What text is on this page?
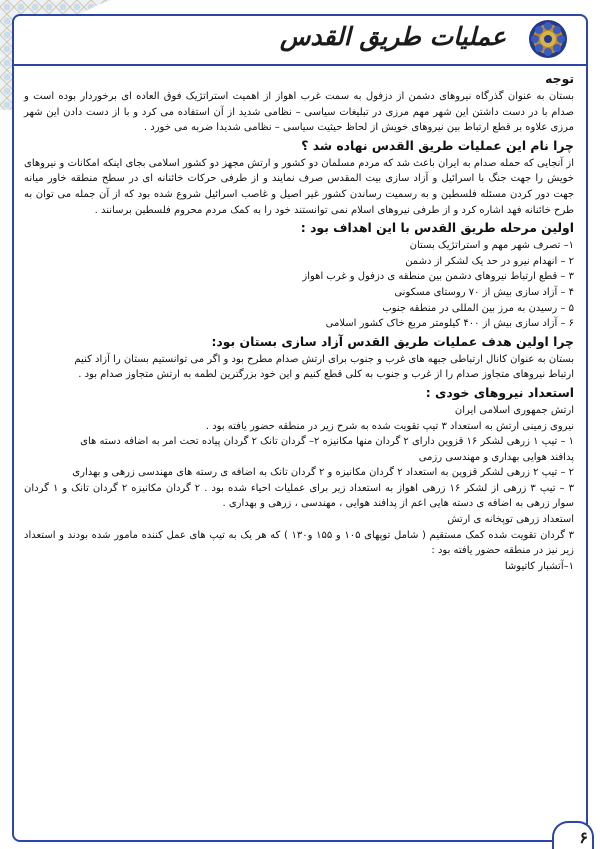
عملیات طریق القدس

توجه

بستان به عنوان گذرگاه نیروهای دشمن از دزفول به سمت غرب اهواز از اهمیت استراتژیک فوق العاده ای برخوردار بوده است و صدام با در دست داشتن این شهر مهم مرزی در تبلیغات سیاسی – نظامی شدید از آن استفاده می کرد و با از دست دادن این شهر مرزی علاوه بر قطع ارتباط بین نیروهای خویش از لحاظ حیثیت سیاسی – نظامی شدیدا ضربه می خورد .

چرا نام این عملیات طریق القدس نهاده شد ؟

از آنجایی که حمله صدام به ایران باعث شد که مردم مسلمان دو کشور و ارتش مجهز دو کشور اسلامی بجای اینکه امکانات و نیروهای خویش را جهت جنگ با اسرائیل و آزاد سازی بیت المقدس صرف نمایند و از طرفی حرکات خائنانه ای در سطح منطقه خاور میانه جهت دور کردن مسئله فلسطین و به رسمیت رساندن کشور غیر اصیل و غاصب اسرائیل شروع شده بود که از آن جمله می توان به طرح خائنانه فهد اشاره کرد و از طرفی نیروهای اسلام نمی توانستند خود را به کمک مردم محروم فلسطین برسانند .

اولین مرحله طریق القدس با این اهداف بود :

۱– تصرف شهر مهم و استراتژیک بستان

۲ – انهدام نیرو در حد یک لشکر از دشمن

۳ – قطع ارتباط نیروهای دشمن بین منطقه ی دزفول و غرب اهواز

۴ – آزاد سازی بیش از ۷۰ روستای مسکونی

۵ – رسیدن به مرز بین المللی در منطقه جنوب

۶ – آزاد سازی بیش از ۴۰۰ کیلومتر مربع خاک کشور اسلامی

چرا اولین هدف عملیات طریق القدس آزاد سازی بستان بود:

بستان به عنوان کانال ارتباطی جبهه های غرب و جنوب برای ارتش صدام مطرح بود و اگر می توانستیم بستان را آزاد کنیم

ارتباط نیروهای متجاوز صدام را از غرب و جنوب به کلی قطع کنیم و این خود بزرگترین لطمه به ارتش متجاوز صدام بود .

استعداد نیروهای خودی :

ارتش جمهوری اسلامی ایران

نیروی زمینی ارتش به استعداد ۳ تیپ تقویت شده به شرح زیر در منطقه حضور یافته بود .

۱ – تیپ ۱ زرهی لشکر ۱۶ قزوین دارای ۲ گردان منها مکانیزه ۲– گردان تانک ۲ گردان پیاده تحت امر به اضافه دسته های

پدافند هوایی بهداری و مهندسی رزمی

۲ – تیپ ۲ زرهی لشکر قزوین به استعداد ۲ گردان مکانیزه و ۲ گردان تانک به اضافه ی رسته های مهندسی زرهی و بهداری

۳ – تیپ ۳ زرهی از لشکر ۱۶ زرهی اهواز به استعداد زیر برای عملیات احیاء شده بود . ۲ گردان مکانیزه ۲ گردان تانک و ۱ گردان سوار زرهی به اضافه ی دسته هایی اعم از پدافند هوایی ، مهندسی ، زرهی و بهداری .

استعداد زرهی توپخانه ی ارتش

۳ گردان تقویت شده کمک مستقیم ( شامل توپهای ۱۰۵ و ۱۵۵ و۱۳۰ ) که هر یک به تیپ های عمل کننده مامور شده بودند و استعداد زیر نیز در منطقه حضور یافته بود :

۱–آتشبار کاتیوشا

۶
